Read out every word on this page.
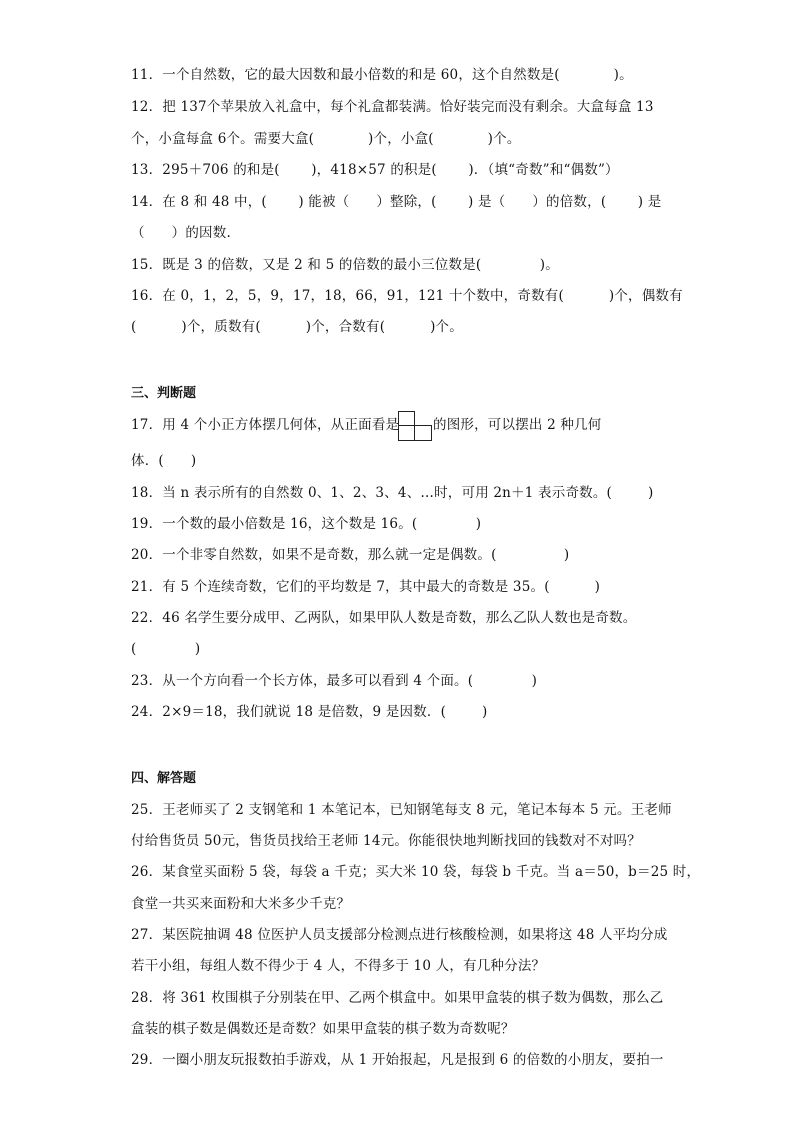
11．一个自然数，它的最大因数和最小倍数的和是 60，这个自然数是(            )。
12．把 137个苹果放入礼盒中，每个礼盒都装满。恰好装完而没有剩余。大盒每盒 13
个，小盒每盒 6个。需要大盒(            )个，小盒(            )个。
13．295＋706 的和是(       )，418×57 的积是(       )．（填“奇数”和“偶数”）
14．在 8 和 48 中，(       ) 能被（      ）整除，(       ) 是（      ）的倍数，(       ) 是
（      ）的因数.
15．既是 3 的倍数，又是 2 和 5 的倍数的最小三位数是(             )。
16．在 0，1，2，5，9，17，18，66，91，121 十个数中，奇数有(          )个，偶数有
(          )个，质数有(          )个，合数有(          )个。
三、判断题
17．用 4 个小正方体摆几何体，从正面看是	的图形，可以摆出 2 种几何
体．(      )
18．当 n 表示所有的自然数 0、1、2、3、4、…时，可用 2n＋1 表示奇数。(        )
19．一个数的最小倍数是 16，这个数是 16。(             )
20．一个非零自然数，如果不是奇数，那么就一定是偶数。(               )
21．有 5 个连续奇数，它们的平均数是 7，其中最大的奇数是 35。(          )
22．46 名学生要分成甲、乙两队，如果甲队人数是奇数，那么乙队人数也是奇数。
(             )
23．从一个方向看一个长方体，最多可以看到 4 个面。(             )
24．2×9＝18，我们就说 18 是倍数，9 是因数．(        )
四、解答题
25．王老师买了 2 支钢笔和 1 本笔记本，已知钢笔每支 8 元，笔记本每本 5 元。王老师
付给售货员 50元，售货员找给王老师 14元。你能很快地判断找回的钱数对不对吗？
26．某食堂买面粉 5 袋，每袋 a 千克；买大米 10 袋，每袋 b 千克。当 a＝50，b＝25 时，
食堂一共买来面粉和大米多少千克？
27．某医院抽调 48 位医护人员支援部分检测点进行核酸检测，如果将这 48 人平均分成
若干小组，每组人数不得少于 4 人，不得多于 10 人，有几种分法？
28．将 361 枚围棋子分别装在甲、乙两个棋盒中。如果甲盒装的棋子数为偶数，那么乙
盒装的棋子数是偶数还是奇数？如果甲盒装的棋子数为奇数呢？
29．一圈小朋友玩报数拍手游戏，从 1 开始报起，凡是报到 6 的倍数的小朋友，要拍一
